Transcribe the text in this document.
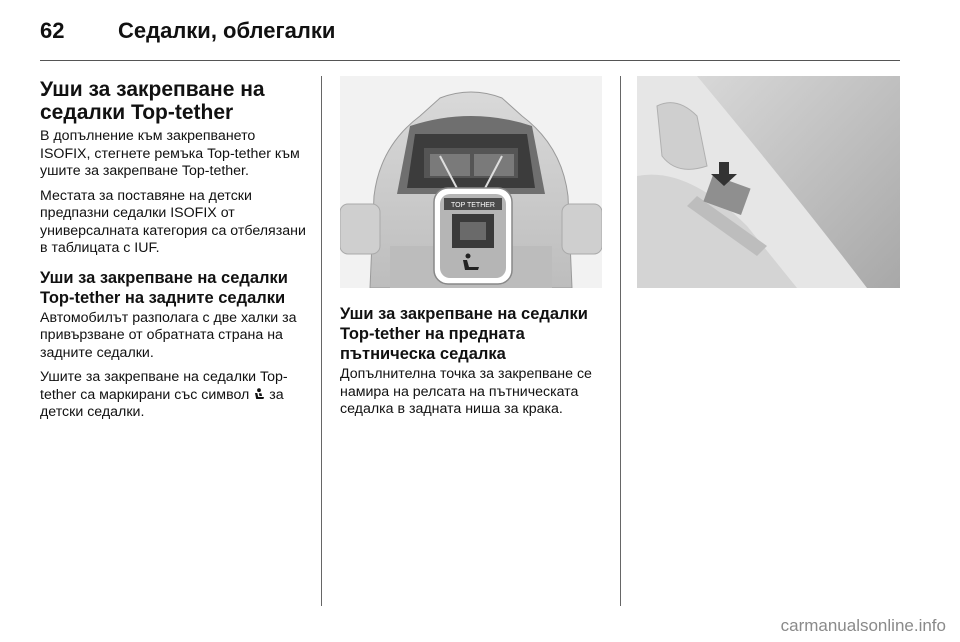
62 Седалки, облегалки
Уши за закрепване на седалки Top-tether

В допълнение към закрепването ISOFIX, стегнете ремъка Top-tether към ушите за закрепване Top-tether.

Местата за поставяне на детски предпазни седалки ISOFIX от универсалната категория са отбелязани в таблицата с IUF.

Уши за закрепване на седалки Top-tether на задните седалки

Автомобилът разполага с две халки за привързване от обратната страна на задните седалки.

Ушите за закрепване на седалки Top-tether са маркирани със символ за детски седалки.

TOP TETHER
Уши за закрепване на седалки Top-tether на предната пътническа седалка

Допълнителна точка за закрепване се намира на релсата на пътническата седалка в задната ниша за крака.

carmanualsonline.info
